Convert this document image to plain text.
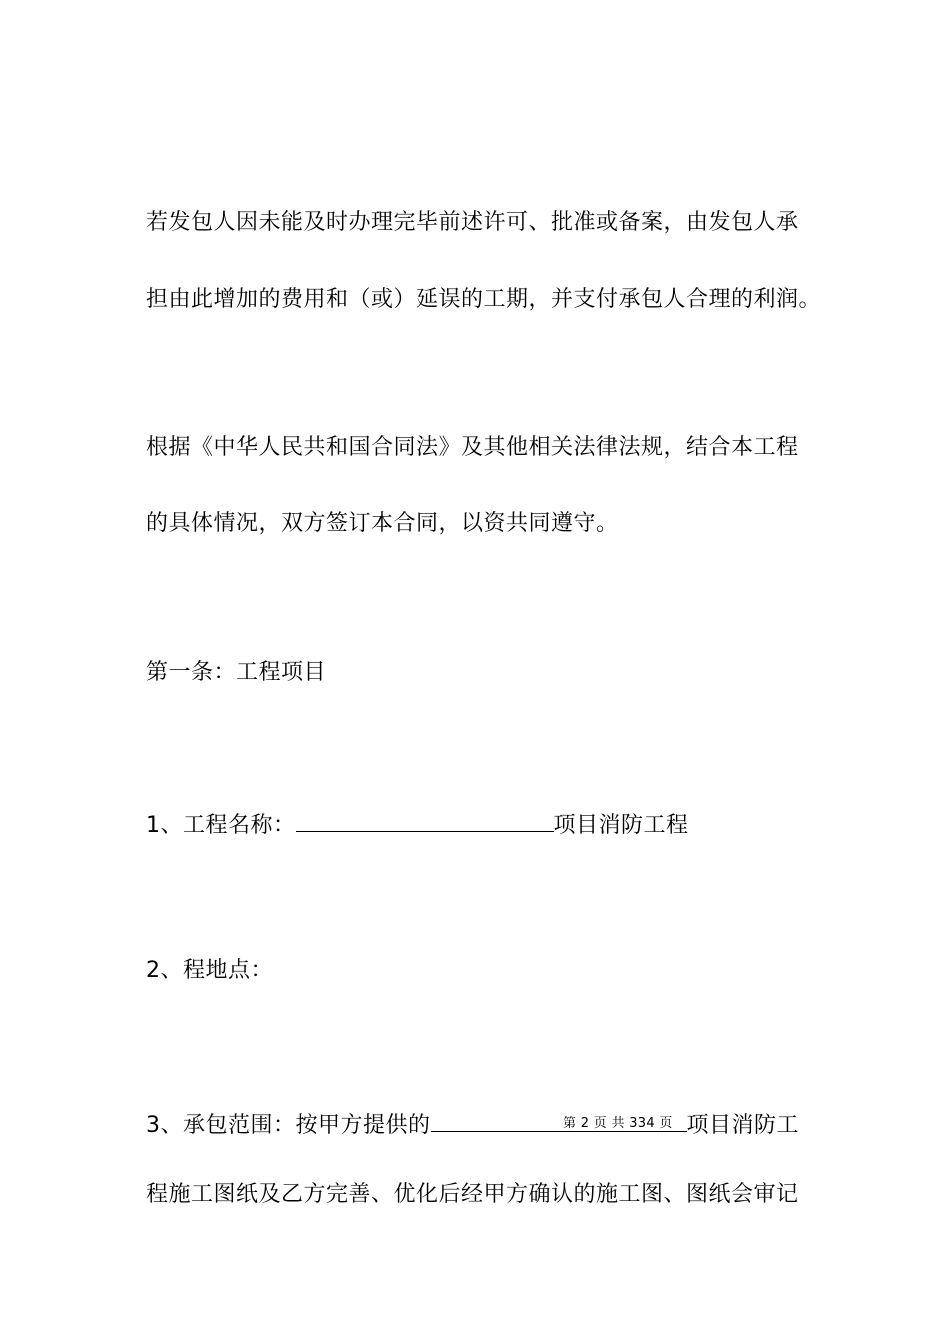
若发包人因未能及时办理完毕前述许可、批准或备案，由发包人承
担由此增加的费用和（或）延误的工期，并支付承包人合理的利润。
根据《中华人民共和国合同法》及其他相关法律法规，结合本工程
的具体情况，双方签订本合同，以资共同遵守。
第一条：工程项目
1、工程名称：	项目消防工程
2、程地点：
3、承包范围：按甲方提供的	项目消防工
第 2 页 共 334 页
程施工图纸及乙方完善、优化后经甲方确认的施工图、图纸会审记
